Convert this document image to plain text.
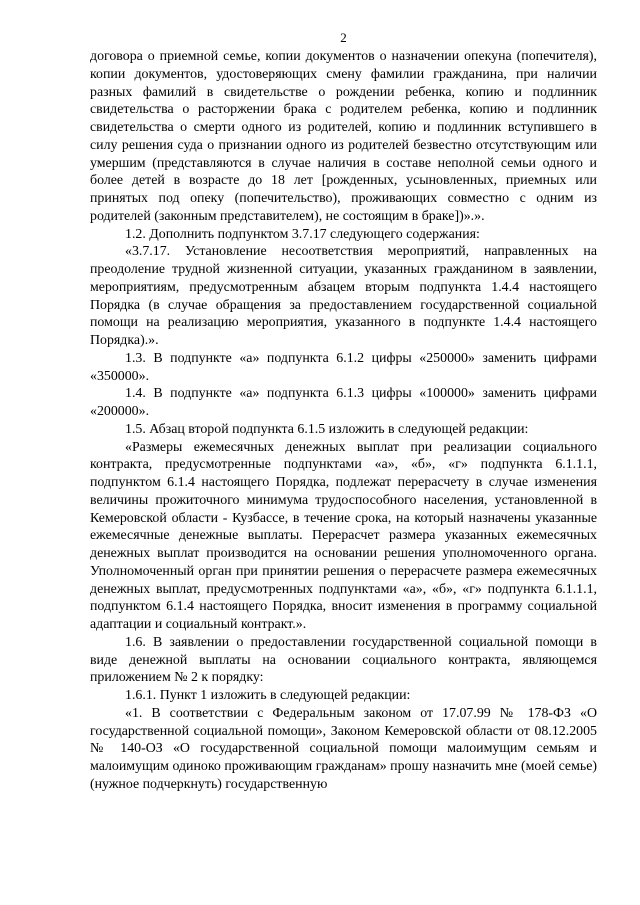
2

договора о приемной семье, копии документов о назначении опекуна (попечителя), копии документов, удостоверяющих смену фамилии гражданина, при наличии разных фамилий в свидетельстве о рождении ребенка, копию и подлинник свидетельства о расторжении брака с родителем ребенка, копию и подлинник свидетельства о смерти одного из родителей, копию и подлинник вступившего в силу решения суда о признании одного из родителей безвестно отсутствующим или умершим (представляются в случае наличия в составе неполной семьи одного и более детей в возрасте до 18 лет [рожденных, усыновленных, приемных или принятых под опеку (попечительство), проживающих совместно с одним из родителей (законным представителем), не состоящим в браке])».».

1.2. Дополнить подпунктом 3.7.17 следующего содержания:

«3.7.17. Установление несоответствия мероприятий, направленных на преодоление трудной жизненной ситуации, указанных гражданином в заявлении, мероприятиям, предусмотренным абзацем вторым подпункта 1.4.4 настоящего Порядка (в случае обращения за предоставлением государственной социальной помощи на реализацию мероприятия, указанного в подпункте 1.4.4 настоящего Порядка).».

1.3. В подпункте «а» подпункта 6.1.2 цифры «250000» заменить цифрами «350000».

1.4. В подпункте «а» подпункта 6.1.3 цифры «100000» заменить цифрами «200000».

1.5. Абзац второй подпункта 6.1.5 изложить в следующей редакции:

«Размеры ежемесячных денежных выплат при реализации социального контракта, предусмотренные подпунктами «а», «б», «г» подпункта 6.1.1.1, подпунктом 6.1.4 настоящего Порядка, подлежат перерасчету в случае изменения величины прожиточного минимума трудоспособного населения, установленной в Кемеровской области - Кузбассе, в течение срока, на который назначены указанные ежемесячные денежные выплаты. Перерасчет размера указанных ежемесячных денежных выплат производится на основании решения уполномоченного органа. Уполномоченный орган при принятии решения о перерасчете размера ежемесячных денежных выплат, предусмотренных подпунктами «а», «б», «г» подпункта 6.1.1.1, подпунктом 6.1.4 настоящего Порядка, вносит изменения в программу социальной адаптации и социальный контракт.».

1.6. В заявлении о предоставлении государственной социальной помощи в виде денежной выплаты на основании социального контракта, являющемся приложением № 2 к порядку:

1.6.1. Пункт 1 изложить в следующей редакции:

«1. В соответствии с Федеральным законом от 17.07.99 № 178-ФЗ «О государственной социальной помощи», Законом Кемеровской области от 08.12.2005 № 140-ОЗ «О государственной социальной помощи малоимущим семьям и малоимущим одиноко проживающим гражданам» прошу назначить мне (моей семье) (нужное подчеркнуть) государственную
